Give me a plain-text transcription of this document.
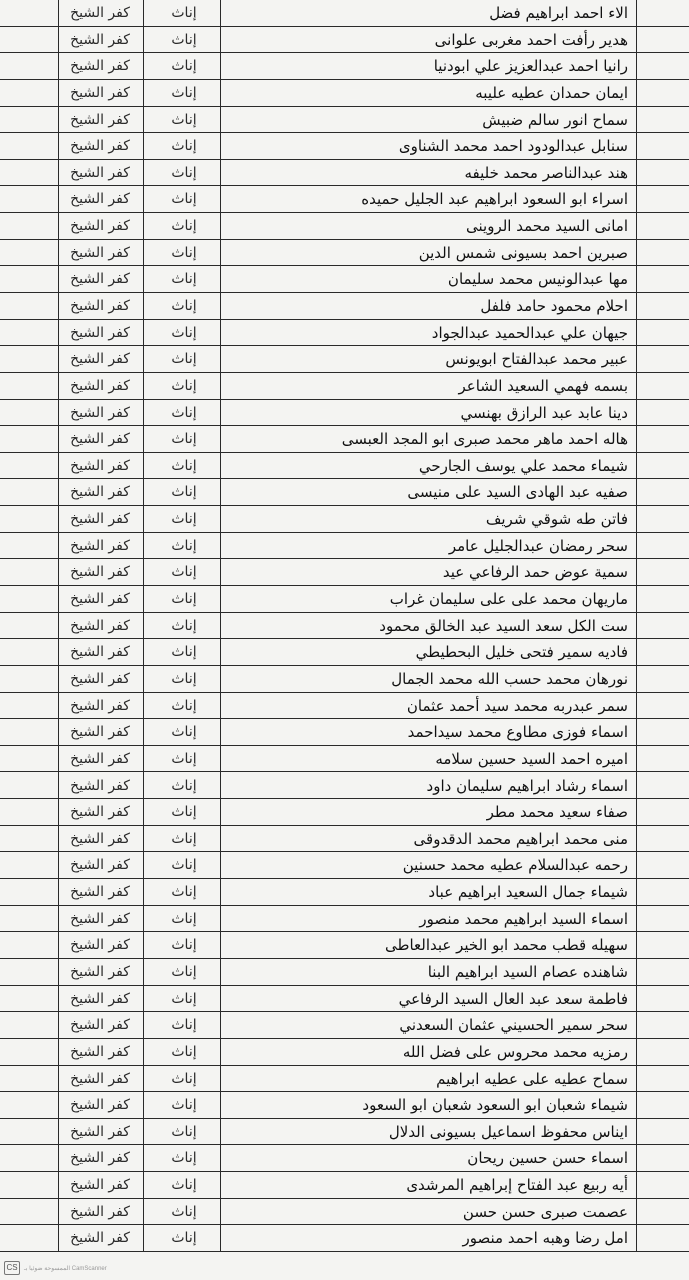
كفر الشيخ	إناث	الاء احمد ابراهيم فضل
كفر الشيخ	إناث	هدير رأفت احمد مغربى علوانى
كفر الشيخ	إناث	رانيا احمد عبدالعزيز علي ابودنيا
كفر الشيخ	إناث	ايمان حمدان عطيه عليبه
كفر الشيخ	إناث	سماح انور سالم ضبيش
كفر الشيخ	إناث	سنابل عبدالودود احمد محمد الشناوى
كفر الشيخ	إناث	هند عبدالناصر محمد خليفه
كفر الشيخ	إناث	اسراء ابو السعود ابراهيم عبد الجليل حميده
كفر الشيخ	إناث	امانى السيد محمد الروينى
كفر الشيخ	إناث	صبرين احمد بسيونى شمس الدين
كفر الشيخ	إناث	مها عبدالونيس محمد سليمان
كفر الشيخ	إناث	احلام محمود حامد فلفل
كفر الشيخ	إناث	جيهان علي عبدالحميد عبدالجواد
كفر الشيخ	إناث	عبير محمد عبدالفتاح ابويونس
كفر الشيخ	إناث	بسمه فهمي السعيد الشاعر
كفر الشيخ	إناث	دينا عابد عبد الرازق بهنسي
كفر الشيخ	إناث	هاله احمد ماهر محمد صبرى ابو المجد العبسى
كفر الشيخ	إناث	شيماء محمد علي يوسف الجارحي
كفر الشيخ	إناث	صفيه عبد الهادى السيد على منيسى
كفر الشيخ	إناث	فاتن طه شوقي شريف
كفر الشيخ	إناث	سحر رمضان عبدالجليل عامر
كفر الشيخ	إناث	سمية عوض حمد الرفاعي عيد
كفر الشيخ	إناث	ماريهان محمد على على سليمان غراب
كفر الشيخ	إناث	ست الكل سعد السيد عبد الخالق محمود
كفر الشيخ	إناث	فاديه سمير فتحى خليل البحطيطي
كفر الشيخ	إناث	نورهان محمد حسب الله محمد الجمال
كفر الشيخ	إناث	سمر عبدربه محمد سيد أحمد عثمان
كفر الشيخ	إناث	اسماء فوزى مطاوع محمد سيداحمد
كفر الشيخ	إناث	اميره احمد السيد حسين سلامه
كفر الشيخ	إناث	اسماء رشاد ابراهيم سليمان داود
كفر الشيخ	إناث	صفاء سعيد محمد مطر
كفر الشيخ	إناث	منى محمد ابراهيم محمد الدقدوقى
كفر الشيخ	إناث	رحمه عبدالسلام عطيه محمد حسنين
كفر الشيخ	إناث	شيماء جمال السعيد ابراهيم عباد
كفر الشيخ	إناث	اسماء السيد ابراهيم محمد منصور
كفر الشيخ	إناث	سهيله قطب محمد ابو الخير عبدالعاطى
كفر الشيخ	إناث	شاهنده عصام السيد ابراهيم البنا
كفر الشيخ	إناث	فاطمة سعد عبد العال السيد الرفاعي
كفر الشيخ	إناث	سحر سمير الحسيني عثمان السعدني
كفر الشيخ	إناث	رمزيه محمد محروس على فضل الله
كفر الشيخ	إناث	سماح عطيه على عطيه ابراهيم
كفر الشيخ	إناث	شيماء شعبان ابو السعود شعبان ابو السعود
كفر الشيخ	إناث	ايناس محفوظ اسماعيل بسيونى الدلال
كفر الشيخ	إناث	اسماء حسن حسين ريحان
كفر الشيخ	إناث	أيه ربيع عبد الفتاح إبراهيم المرشدى
كفر الشيخ	إناث	عصمت صبرى حسن حسن
كفر الشيخ	إناث	امل رضا وهبه احمد منصور
CS	CamScanner الممسوحة ضوئيا بـ
